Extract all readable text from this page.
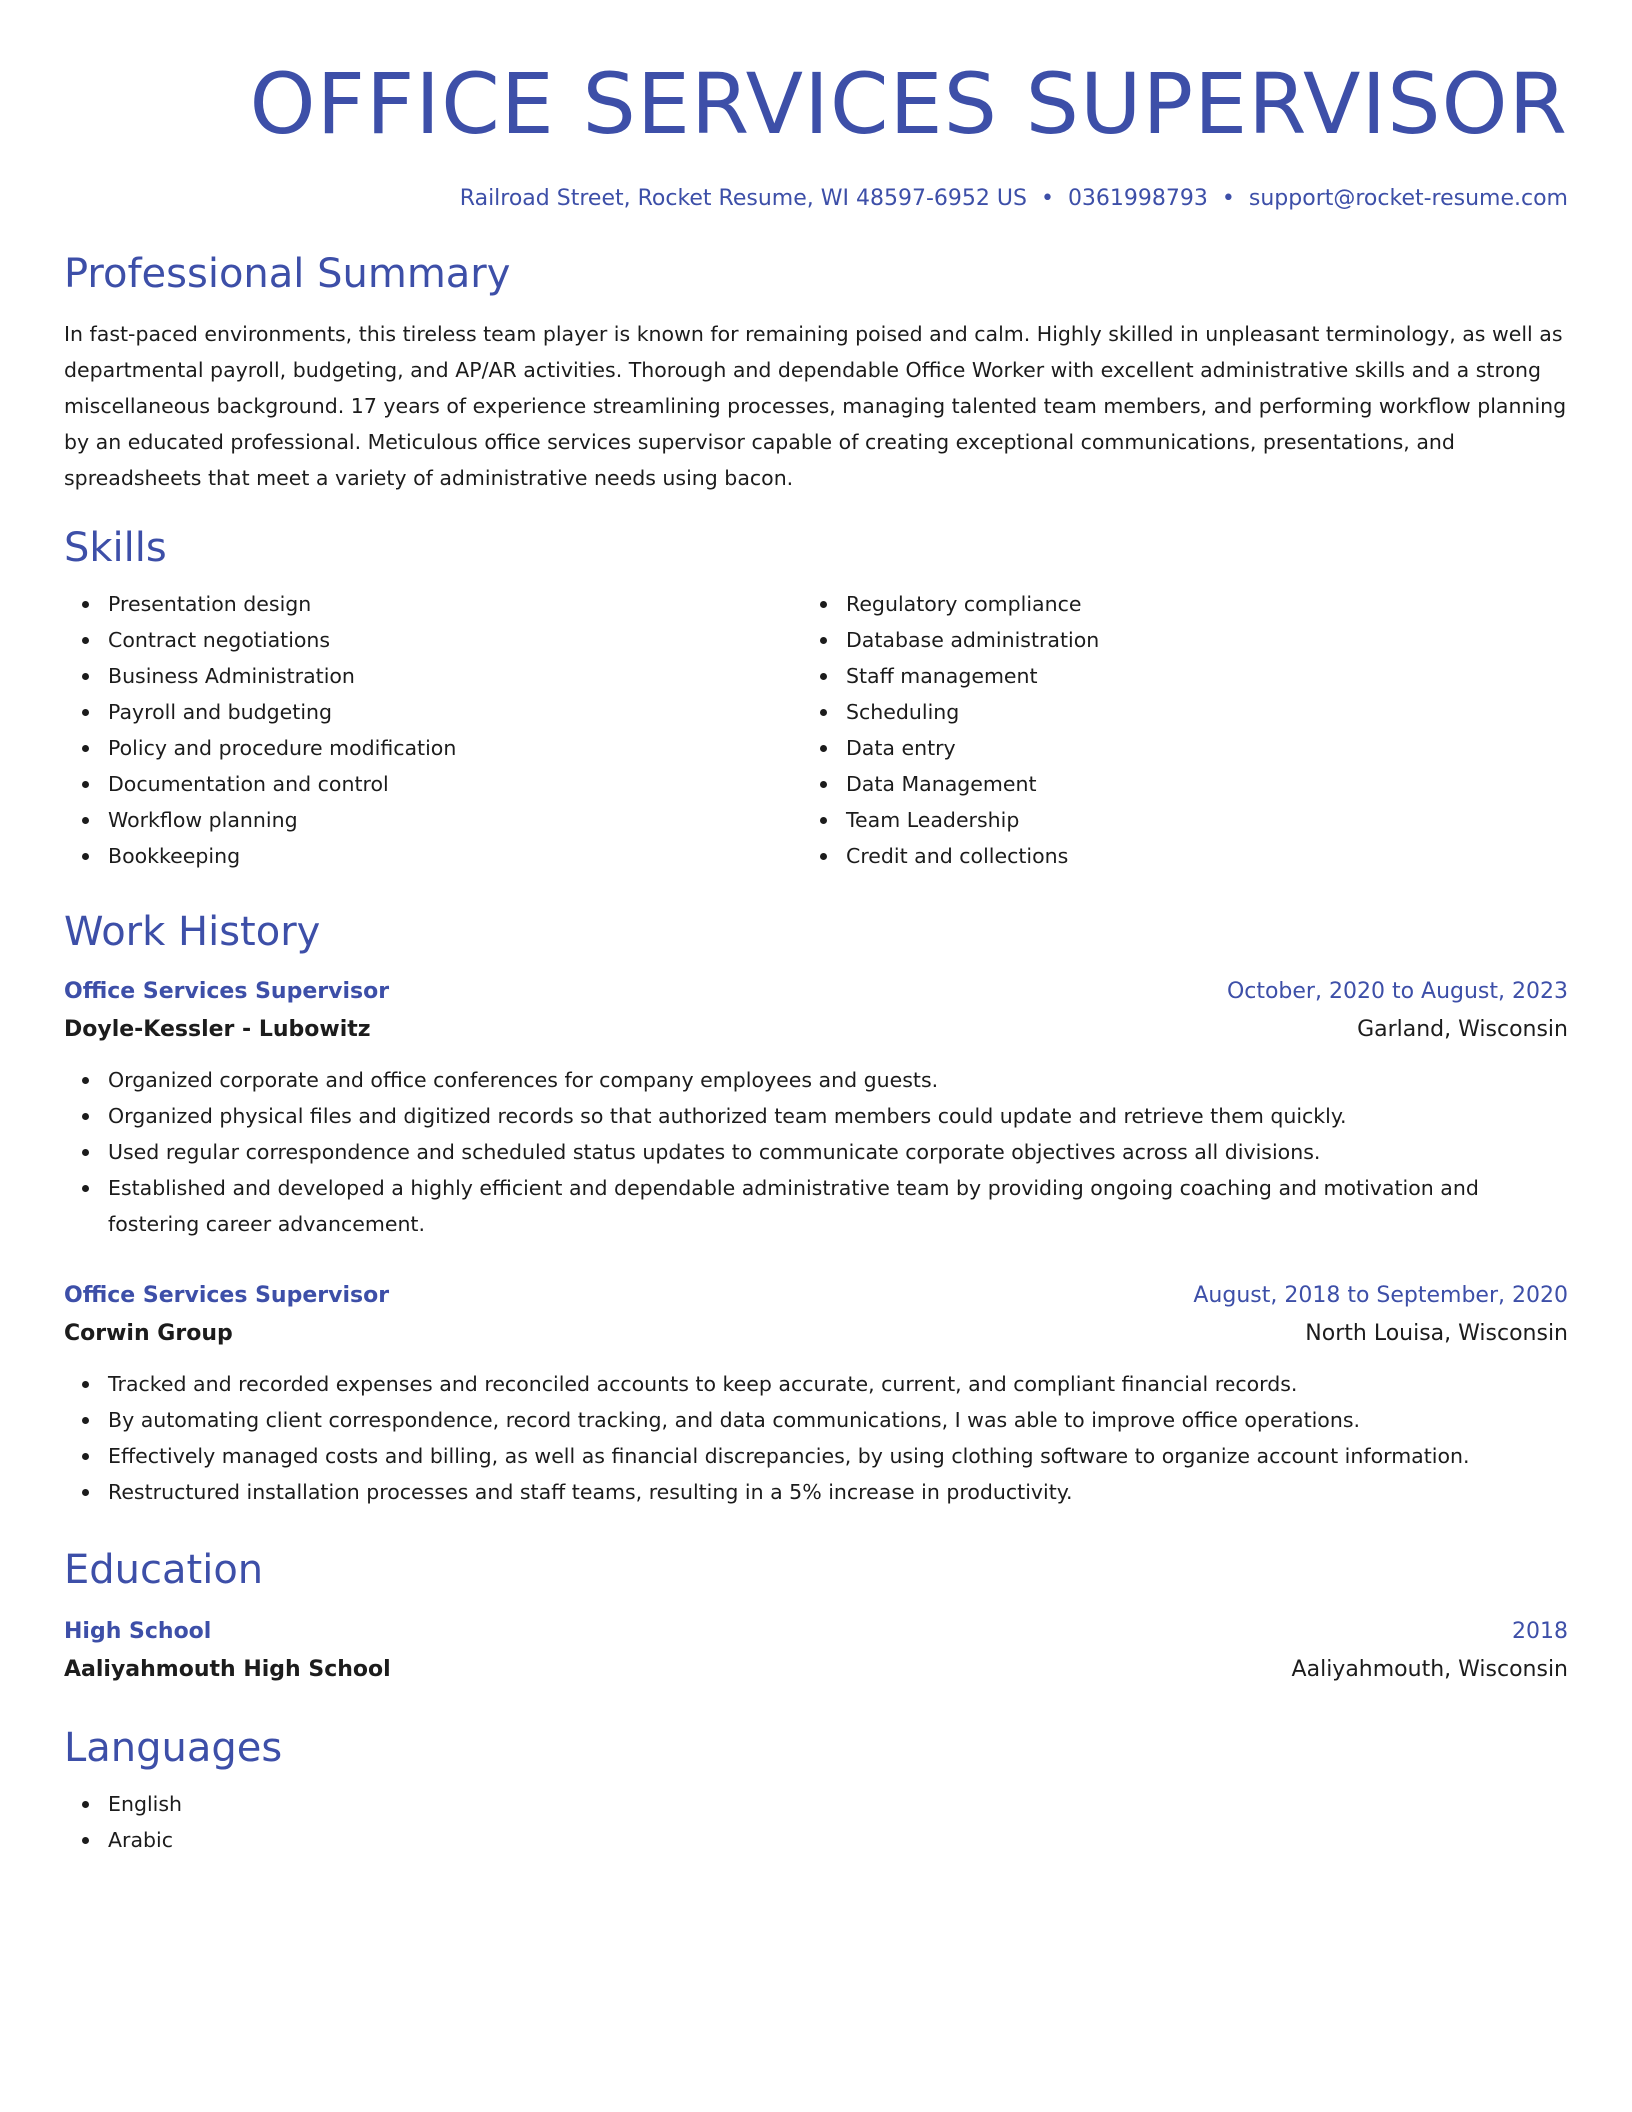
OFFICE SERVICES SUPERVISOR
Railroad Street, Rocket Resume, WI 48597-6952 US • 0361998793 • support@rocket-resume.com
Professional Summary

In fast-paced environments, this tireless team player is known for remaining poised and calm. Highly skilled in unpleasant terminology, as well as departmental payroll, budgeting, and AP/AR activities. Thorough and dependable Office Worker with excellent administrative skills and a strong miscellaneous background. 17 years of experience streamlining processes, managing talented team members, and performing workflow planning by an educated professional. Meticulous office services supervisor capable of creating exceptional communications, presentations, and spreadsheets that meet a variety of administrative needs using bacon.

Skills
Presentation design
Contract negotiations
Business Administration
Payroll and budgeting
Policy and procedure modification
Documentation and control
Workflow planning
Bookkeeping
Regulatory compliance
Database administration
Staff management
Scheduling
Data entry
Data Management
Team Leadership
Credit and collections
Work History
Office Services Supervisor	October, 2020 to August, 2023
Doyle-Kessler - Lubowitz	Garland, Wisconsin
Organized corporate and office conferences for company employees and guests.
Organized physical files and digitized records so that authorized team members could update and retrieve them quickly.
Used regular correspondence and scheduled status updates to communicate corporate objectives across all divisions.
Established and developed a highly efficient and dependable administrative team by providing ongoing coaching and motivation and fostering career advancement.
Office Services Supervisor	August, 2018 to September, 2020
Corwin Group	North Louisa, Wisconsin
Tracked and recorded expenses and reconciled accounts to keep accurate, current, and compliant financial records.
By automating client correspondence, record tracking, and data communications, I was able to improve office operations.
Effectively managed costs and billing, as well as financial discrepancies, by using clothing software to organize account information.
Restructured installation processes and staff teams, resulting in a 5% increase in productivity.
Education
High School	2018
Aaliyahmouth High School	Aaliyahmouth, Wisconsin
Languages
English
Arabic
